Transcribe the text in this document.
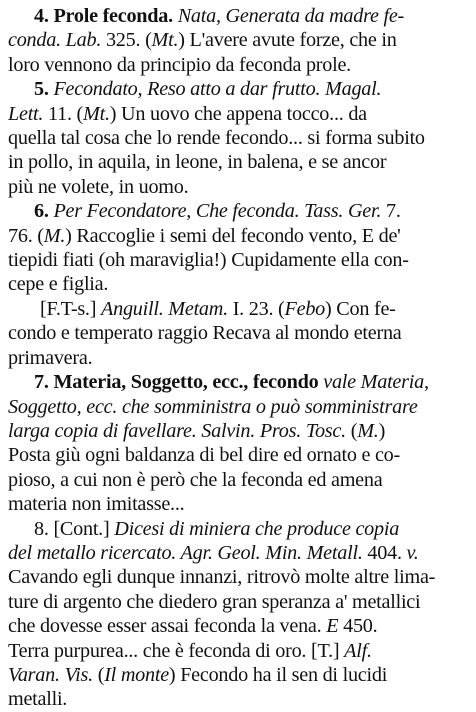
4. Prole feconda. Nata, Generata da madre fe-
conda. Lab. 325. (Mt.) L'avere avute forze, che in
loro vennono da principio da feconda prole.
5. Fecondato, Reso atto a dar frutto. Magal.
Lett. 11. (Mt.) Un uovo che appena tocco... da
quella tal cosa che lo rende fecondo... si forma subito
in pollo, in aquila, in leone, in balena, e se ancor
più ne volete, in uomo.
6. Per Fecondatore, Che feconda. Tass. Ger. 7.
76. (M.) Raccoglie i semi del fecondo vento, E de'
tiepidi fiati (oh maraviglia!) Cupidamente ella con-
cepe e figlia.
[F.T-s.] Anguill. Metam. I. 23. (Febo) Con fe-
condo e temperato raggio Recava al mondo eterna
primavera.
7. Materia, Soggetto, ecc., fecondo vale Materia,
Soggetto, ecc. che somministra o può somministrare
larga copia di favellare. Salvin. Pros. Tosc. (M.)
Posta giù ogni baldanza di bel dire ed ornato e co-
pioso, a cui non è però che la feconda ed amena
materia non imitasse...
8. [Cont.] Dicesi di miniera che produce copia
del metallo ricercato. Agr. Geol. Min. Metall. 404. v.
Cavando egli dunque innanzi, ritrovò molte altre lima-
ture di argento che diedero gran speranza a' metallici
che dovesse esser assai feconda la vena. E 450.
Terra purpurea... che è feconda di oro. [T.] Alf.
Varan. Vis. (Il monte) Fecondo ha il sen di lucidi
metalli.
